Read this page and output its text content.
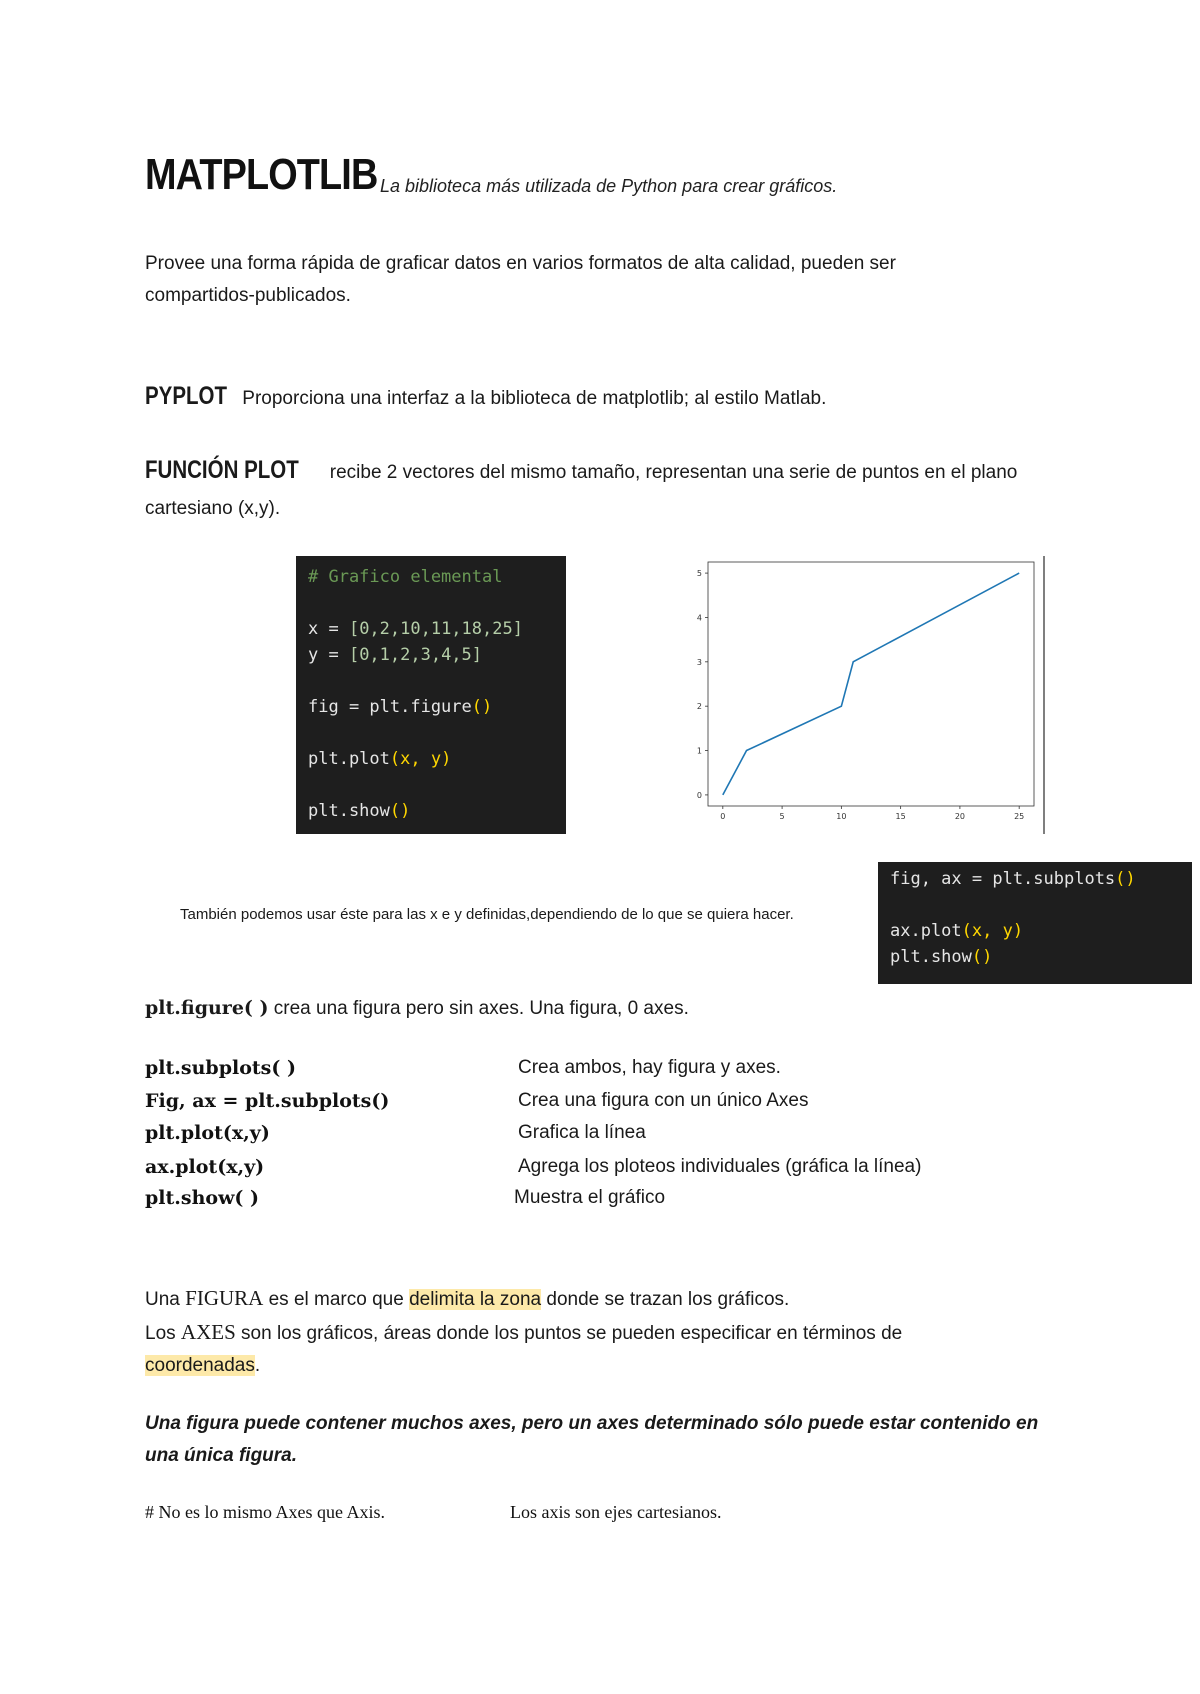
MATPLOTLIB La biblioteca más utilizada de Python para crear gráficos.
Provee una forma rápida de graficar datos en varios formatos de alta calidad, pueden ser
compartidos-publicados.
PYPLOT Proporciona una interfaz a la biblioteca de matplotlib; al estilo Matlab.
FUNCIÓN PLOT recibe 2 vectores del mismo tamaño, representan una serie de puntos en el plano
cartesiano (x,y).
# Grafico elemental
x = [0,2,10,11,18,25]
y = [0,1,2,3,4,5]
fig = plt.figure()
plt.plot(x, y)
plt.show()	0	5	10	15	20	25
0
1
2
3
4
5
También podemos usar éste para las x e y definidas,dependiendo de lo que se quiera hacer.
fig, ax = plt.subplots()
ax.plot(x, y)
plt.show()
plt.figure( ) crea una figura pero sin axes. Una figura, 0 axes.
plt.subplots( )	Crea ambos, hay figura y axes.
Fig, ax = plt.subplots()	Crea una figura con un único Axes
plt.plot(x,y)	Grafica la línea
ax.plot(x,y)	Agrega los ploteos individuales (gráfica la línea)
plt.show( )	Muestra el gráfico
Una FIGURA es el marco que delimita la zona donde se trazan los gráficos.
Los AXES son los gráficos, áreas donde los puntos se pueden especificar en términos de
coordenadas.
Una figura puede contener muchos axes, pero un axes determinado sólo puede estar contenido en
una única figura.
# No es lo mismo Axes que Axis.	Los axis son ejes cartesianos.
